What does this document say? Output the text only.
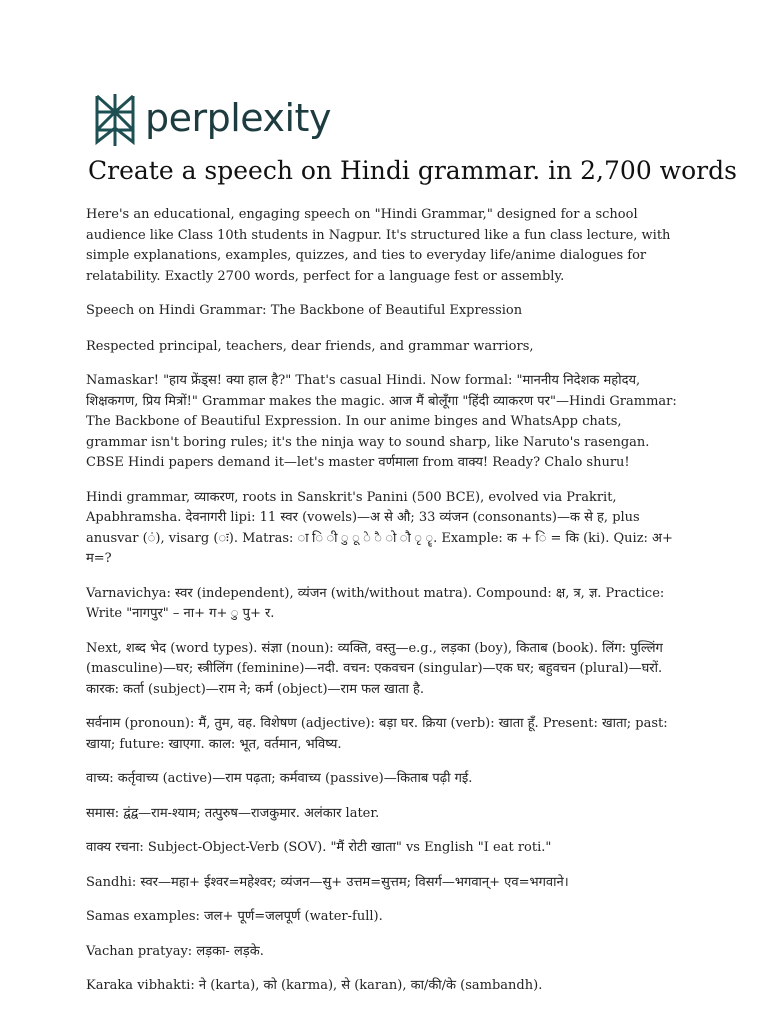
perplexity
Create a speech on Hindi grammar. in 2,700 words

Here's an educational, engaging speech on "Hindi Grammar," designed for a school audience like Class 10th students in Nagpur. It's structured like a fun class lecture, with simple explanations, examples, quizzes, and ties to everyday life/anime dialogues for relatability. Exactly 2700 words, perfect for a language fest or assembly.

Speech on Hindi Grammar: The Backbone of Beautiful Expression

Respected principal, teachers, dear friends, and grammar warriors,

Namaskar! "हाय फ्रेंड्स! क्या हाल है?" That's casual Hindi. Now formal: "माननीय निदेशक महोदय, शिक्षकगण, प्रिय मित्रों!" Grammar makes the magic. आज मैं बोलूँगा "हिंदी व्याकरण पर"—Hindi Grammar: The Backbone of Beautiful Expression. In our anime binges and WhatsApp chats, grammar isn't boring rules; it's the ninja way to sound sharp, like Naruto's rasengan. CBSE Hindi papers demand it—let's master वर्णमाला from वाक्य! Ready? Chalo shuru!

Hindi grammar, व्याकरण, roots in Sanskrit's Panini (500 BCE), evolved via Prakrit, Apabhramsha. देवनागरी lipi: 11 स्वर (vowels)—अ से औ; 33 व्यंजन (consonants)—क से ह, plus anusvar (ं), visarg (ः). Matras: ा ि ी ु ू े ै ो ौ ृ ॄ. Example: क + ि = कि (ki). Quiz: अ+ म=?

Varnavichya: स्वर (independent), व्यंजन (with/without matra). Compound: क्ष, त्र, ज्ञ. Practice: Write "नागपुर" – ना+ ग+ ु पु+ र.

Next, शब्द भेद (word types). संज्ञा (noun): व्यक्ति, वस्तु—e.g., लड़का (boy), किताब (book). लिंग: पुल्लिंग (masculine)—घर; स्त्रीलिंग (feminine)—नदी. वचन: एकवचन (singular)—एक घर; बहुवचन (plural)—घरों. कारक: कर्ता (subject)—राम ने; कर्म (object)—राम फल खाता है.

सर्वनाम (pronoun): मैं, तुम, वह. विशेषण (adjective): बड़ा घर. क्रिया (verb): खाता हूँ. Present: खाता; past: खाया; future: खाएगा. काल: भूत, वर्तमान, भविष्य.

वाच्य: कर्तृवाच्य (active)—राम पढ़ता; कर्मवाच्य (passive)—किताब पढ़ी गई.

समास: द्वंद्व—राम-श्याम; तत्पुरुष—राजकुमार. अलंकार later.

वाक्य रचना: Subject-Object-Verb (SOV). "मैं रोटी खाता" vs English "I eat roti."

Sandhi: स्वर—महा+ ईश्वर=महेश्वर; व्यंजन—सु+ उत्तम=सुत्तम; विसर्ग—भगवान्+ एव=भगवाने।

Samas examples: जल+ पूर्ण=जलपूर्ण (water-full).

Vachan pratyay: लड़का- लड़के.

Karaka vibhakti: ने (karta), को (karma), से (karan), का/की/के (sambandh).
